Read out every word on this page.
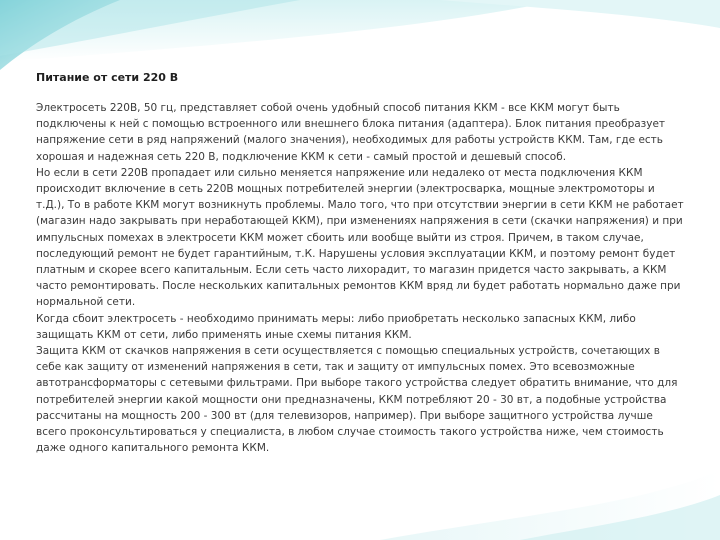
Питание от сети 220 В

Электросеть 220В, 50 гц, представляет собой очень удобный способ питания ККМ - все ККМ могут быть подключены к ней с помощью встроенного или внешнего блока питания (адаптера). Блок питания преобразует напряжение сети в ряд напряжений (малого значения), необходимых для работы устройств ККМ. Там, где есть хорошая и надежная сеть 220 В, подключение ККМ к сети - самый простой и дешевый способ.

Но если в сети 220В пропадает или сильно меняется напряжение или недалеко от места подключения ККМ происходит включение в сеть 220В мощных потребителей энергии (электросварка, мощные электромоторы и т.Д.), То в работе ККМ могут возникнуть проблемы. Мало того, что при отсутствии энергии в сети ККМ не работает (магазин надо закрывать при неработающей ККМ), при изменениях напряжения в сети (скачки напряжения) и при импульсных помехах в электросети ККМ может сбоить или вообще выйти из строя. Причем, в таком случае, последующий ремонт не будет гарантийным, т.К. Нарушены условия эксплуатации ККМ, и поэтому ремонт будет платным и скорее всего капитальным. Если сеть часто лихорадит, то магазин придется часто закрывать, а ККМ часто ремонтировать. После нескольких капитальных ремонтов ККМ вряд ли будет работать нормально даже при нормальной сети.

Когда сбоит электросеть - необходимо принимать меры: либо приобретать несколько запасных ККМ, либо защищать ККМ от сети, либо применять иные схемы питания ККМ.

Защита ККМ от скачков напряжения в сети осуществляется с помощью специальных устройств, сочетающих в себе как защиту от изменений напряжения в сети, так и защиту от импульсных помех. Это всевозможные автотрансформаторы с сетевыми фильтрами. При выборе такого устройства следует обратить внимание, что для потребителей энергии какой мощности они предназначены, ККМ потребляют 20 - 30 вт, а подобные устройства рассчитаны на мощность 200 - 300 вт (для телевизоров, например). При выборе защитного устройства лучше всего проконсультироваться у специалиста, в любом случае стоимость такого устройства ниже, чем стоимость даже одного капитального ремонта ККМ.
